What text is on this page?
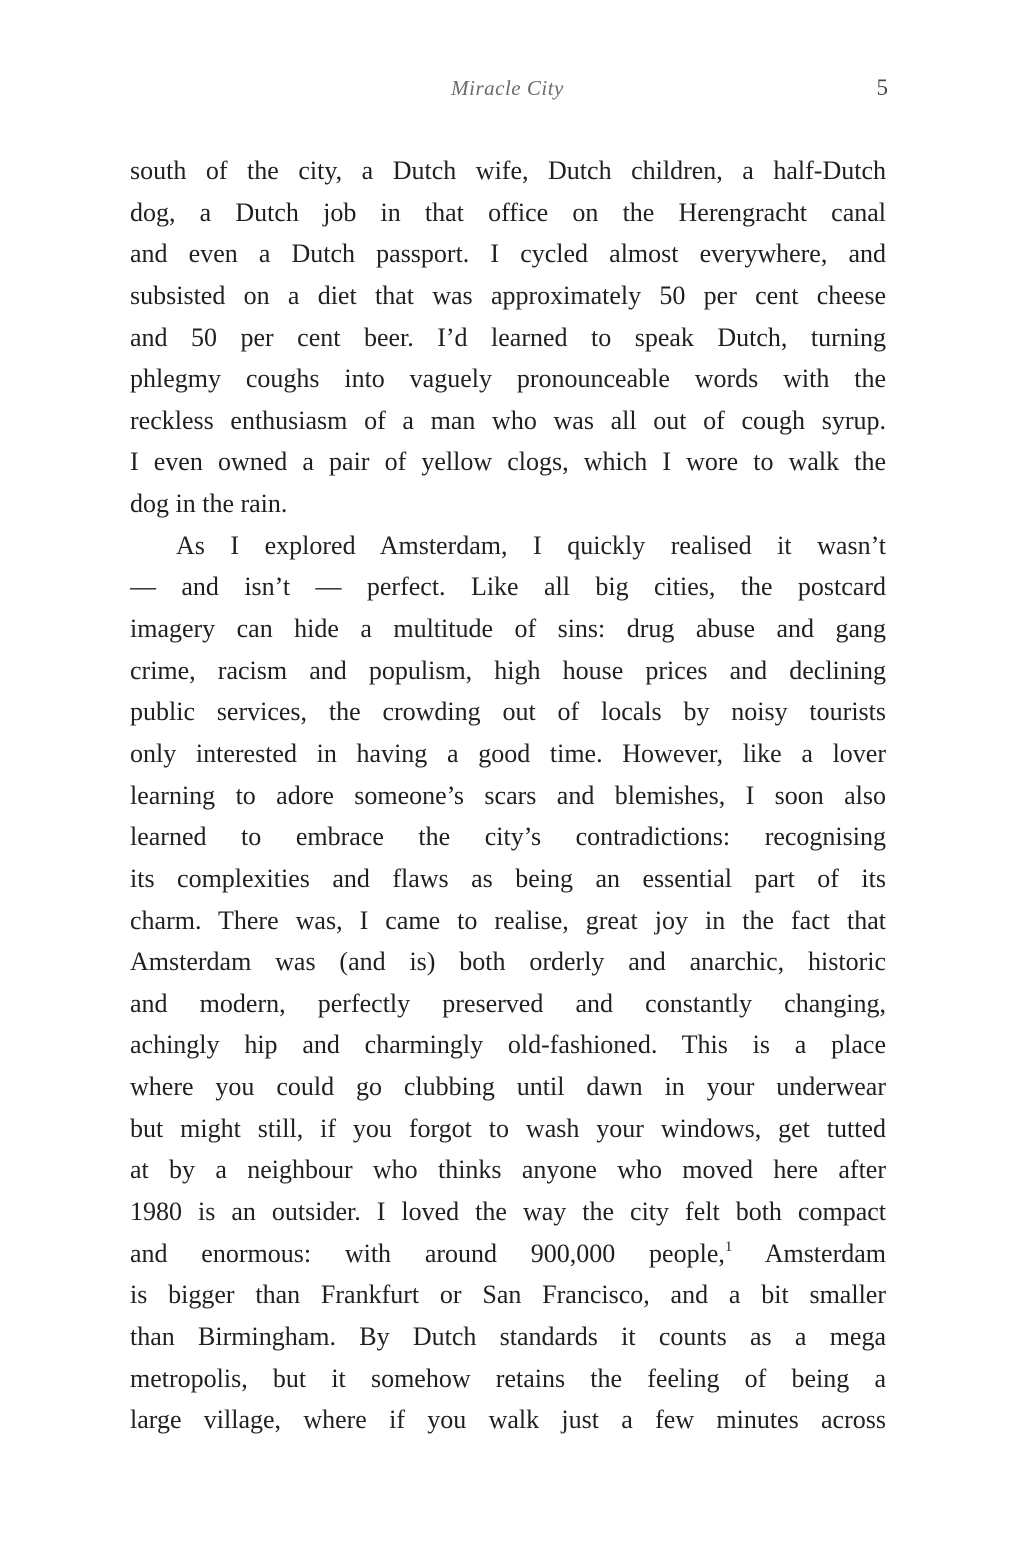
Miracle City	5
south of the city, a Dutch wife, Dutch children, a half-Dutch
dog, a Dutch job in that office on the Herengracht canal
and even a Dutch passport. I cycled almost everywhere, and
subsisted on a diet that was approximately 50 per cent cheese
and 50 per cent beer. I’d learned to speak Dutch, turning
phlegmy coughs into vaguely pronounceable words with the
reckless enthusiasm of a man who was all out of cough syrup.
I even owned a pair of yellow clogs, which I wore to walk the
dog in the rain.
As I explored Amsterdam, I quickly realised it wasn’t
— and isn’t — perfect. Like all big cities, the postcard
imagery can hide a multitude of sins: drug abuse and gang
crime, racism and populism, high house prices and declining
public services, the crowding out of locals by noisy tourists
only interested in having a good time. However, like a lover
learning to adore someone’s scars and blemishes, I soon also
learned to embrace the city’s contradictions: recognising
its complexities and flaws as being an essential part of its
charm. There was, I came to realise, great joy in the fact that
Amsterdam was (and is) both orderly and anarchic, historic
and modern, perfectly preserved and constantly changing,
achingly hip and charmingly old-fashioned. This is a place
where you could go clubbing until dawn in your underwear
but might still, if you forgot to wash your windows, get tutted
at by a neighbour who thinks anyone who moved here after
1980 is an outsider. I loved the way the city felt both compact
and enormous: with around 900,000 people,$^1$ Amsterdam
is bigger than Frankfurt or San Francisco, and a bit smaller
than Birmingham. By Dutch standards it counts as a mega
metropolis, but it somehow retains the feeling of being a
large village, where if you walk just a few minutes across
